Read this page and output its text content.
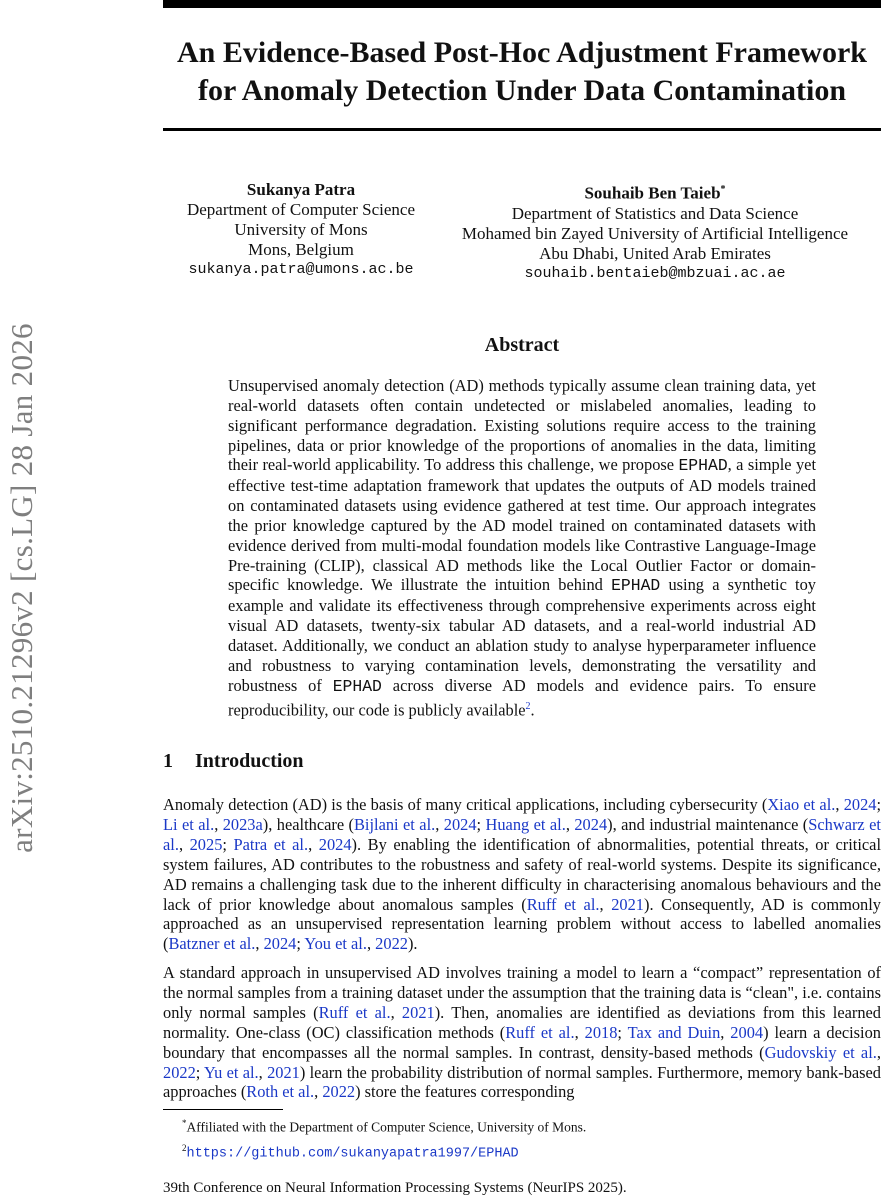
arXiv:2510.21296v2 [cs.LG] 28 Jan 2026
An Evidence-Based Post-Hoc Adjustment Framework
for Anomaly Detection Under Data Contamination
Sukanya Patra
Department of Computer Science
University of Mons
Mons, Belgium
sukanya.patra@umons.ac.be
Souhaib Ben Taieb*
Department of Statistics and Data Science
Mohamed bin Zayed University of Artificial Intelligence
Abu Dhabi, United Arab Emirates
souhaib.bentaieb@mbzuai.ac.ae
Abstract
Unsupervised anomaly detection (AD) methods typically assume clean training data, yet real-world datasets often contain undetected or mislabeled anomalies, leading to significant performance degradation. Existing solutions require access to the training pipelines, data or prior knowledge of the proportions of anomalies in the data, limiting their real-world applicability. To address this challenge, we propose EPHAD, a simple yet effective test-time adaptation framework that updates the outputs of AD models trained on contaminated datasets using evidence gathered at test time. Our approach integrates the prior knowledge captured by the AD model trained on contaminated datasets with evidence derived from multi-modal foundation models like Contrastive Language-Image Pre-training (CLIP), classical AD methods like the Local Outlier Factor or domain-specific knowledge. We illustrate the intuition behind EPHAD using a synthetic toy example and validate its effectiveness through comprehensive experiments across eight visual AD datasets, twenty-six tabular AD datasets, and a real-world industrial AD dataset. Additionally, we conduct an ablation study to analyse hyperparameter influence and robustness to varying contamination levels, demonstrating the versatility and robustness of EPHAD across diverse AD models and evidence pairs. To ensure reproducibility, our code is publicly available$^2$.
1 Introduction
Anomaly detection (AD) is the basis of many critical applications, including cybersecurity (Xiao et al., 2024; Li et al., 2023a), healthcare (Bijlani et al., 2024; Huang et al., 2024), and industrial maintenance (Schwarz et al., 2025; Patra et al., 2024). By enabling the identification of abnormalities, potential threats, or critical system failures, AD contributes to the robustness and safety of real-world systems. Despite its significance, AD remains a challenging task due to the inherent difficulty in characterising anomalous behaviours and the lack of prior knowledge about anomalous samples (Ruff et al., 2021). Consequently, AD is commonly approached as an unsupervised representation learning problem without access to labelled anomalies (Batzner et al., 2024; You et al., 2022).
A standard approach in unsupervised AD involves training a model to learn a “compact” representation of the normal samples from a training dataset under the assumption that the training data is “clean", i.e. contains only normal samples (Ruff et al., 2021). Then, anomalies are identified as deviations from this learned normality. One-class (OC) classification methods (Ruff et al., 2018; Tax and Duin, 2004) learn a decision boundary that encompasses all the normal samples. In contrast, density-based methods (Gudovskiy et al., 2022; Yu et al., 2021) learn the probability distribution of normal samples. Furthermore, memory bank-based approaches (Roth et al., 2022) store the features corresponding
*Affiliated with the Department of Computer Science, University of Mons.
$^2$https://github.com/sukanyapatra1997/EPHAD
39th Conference on Neural Information Processing Systems (NeurIPS 2025).
